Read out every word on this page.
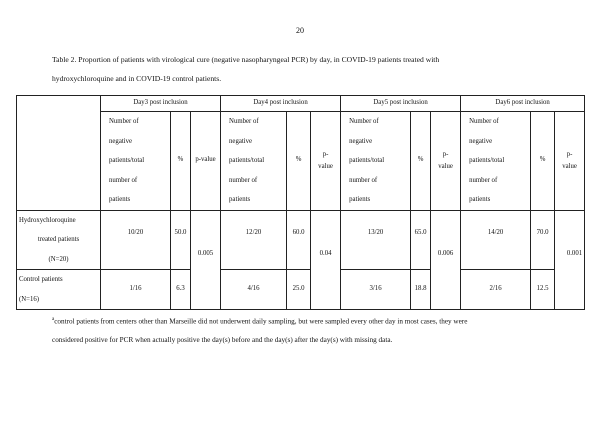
20
Table 2. Proportion of patients with virological cure (negative nasopharyngeal PCR) by day, in COVID-19 patients treated with
hydroxychloroquine and in COVID-19 control patients.
	Day3 post inclusion			Day4 post inclusion			Day5 post inclusion			Day6 post inclusion		

	Number of
negative
patients/total
number of
patients	%	p-value	Number of
negative
patients/total
number of
patients	%	p-
value	Number of
negative
patients/total
number of
patients	%	p-
value	Number of
negative
patients/total
number of
patients	%	p-
value

Hydroxychloroquine
treated patients
(N=20)	10/20	50.0	0.005	12/20	60.0	0.04	13/20	65.0	0.006	14/20	70.0	0.001

Control patients
(N=16)	1/16	6.3		4/16	25.0		3/16	18.8		2/16	12.5	
$^a$control patients from centers other than Marseille did not underwent daily sampling, but were sampled every other day in most cases, they were
considered positive for PCR when actually positive the day(s) before and the day(s) after the day(s) with missing data.
